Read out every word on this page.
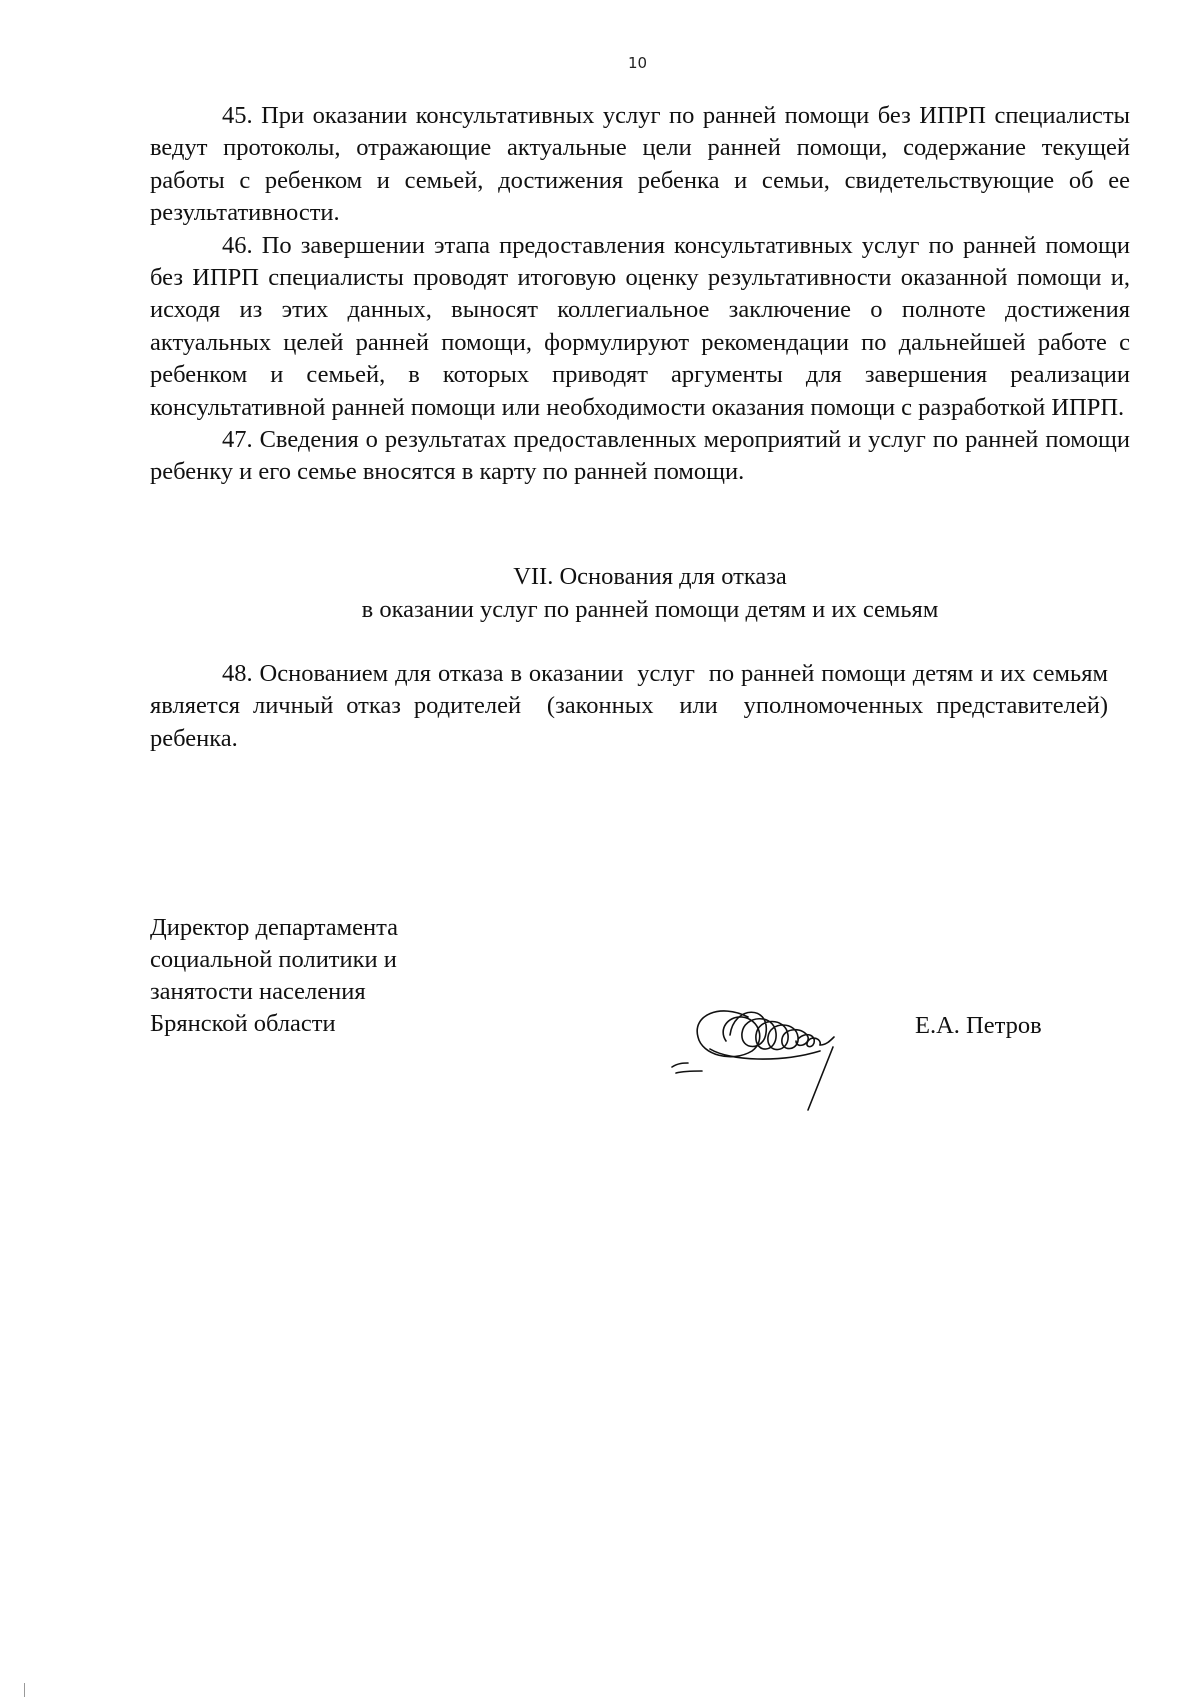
10

45. При оказании консультативных услуг по ранней помощи без ИПРП специалисты ведут протоколы, отражающие актуальные цели ранней помощи, содержание текущей работы с ребенком и семьей, достижения ребенка и семьи, свидетельствующие об ее результативности.

46. По завершении этапа предоставления консультативных услуг по ранней помощи без ИПРП специалисты проводят итоговую оценку результативности оказанной помощи и, исходя из этих данных, выносят коллегиальное заключение о полноте достижения актуальных целей ранней помощи, формулируют рекомендации по дальнейшей работе с ребенком и семьей, в которых приводят аргументы для завершения реализации консультативной ранней помощи или необходимости оказания помощи с разработкой ИПРП.

47. Сведения о результатах предоставленных мероприятий и услуг по ранней помощи ребенку и его семье вносятся в карту по ранней помощи.

VII. Основания для отказа
в оказании услуг по ранней помощи детям и их семьям

48. Основанием для отказа в оказании  услуг  по ранней помощи детям и их семьям является личный отказ родителей  (законных  или  уполномоченных представителей)  ребенка.

Директор департамента
социальной политики и
занятости населения
Брянской области	Е.А. Петров
